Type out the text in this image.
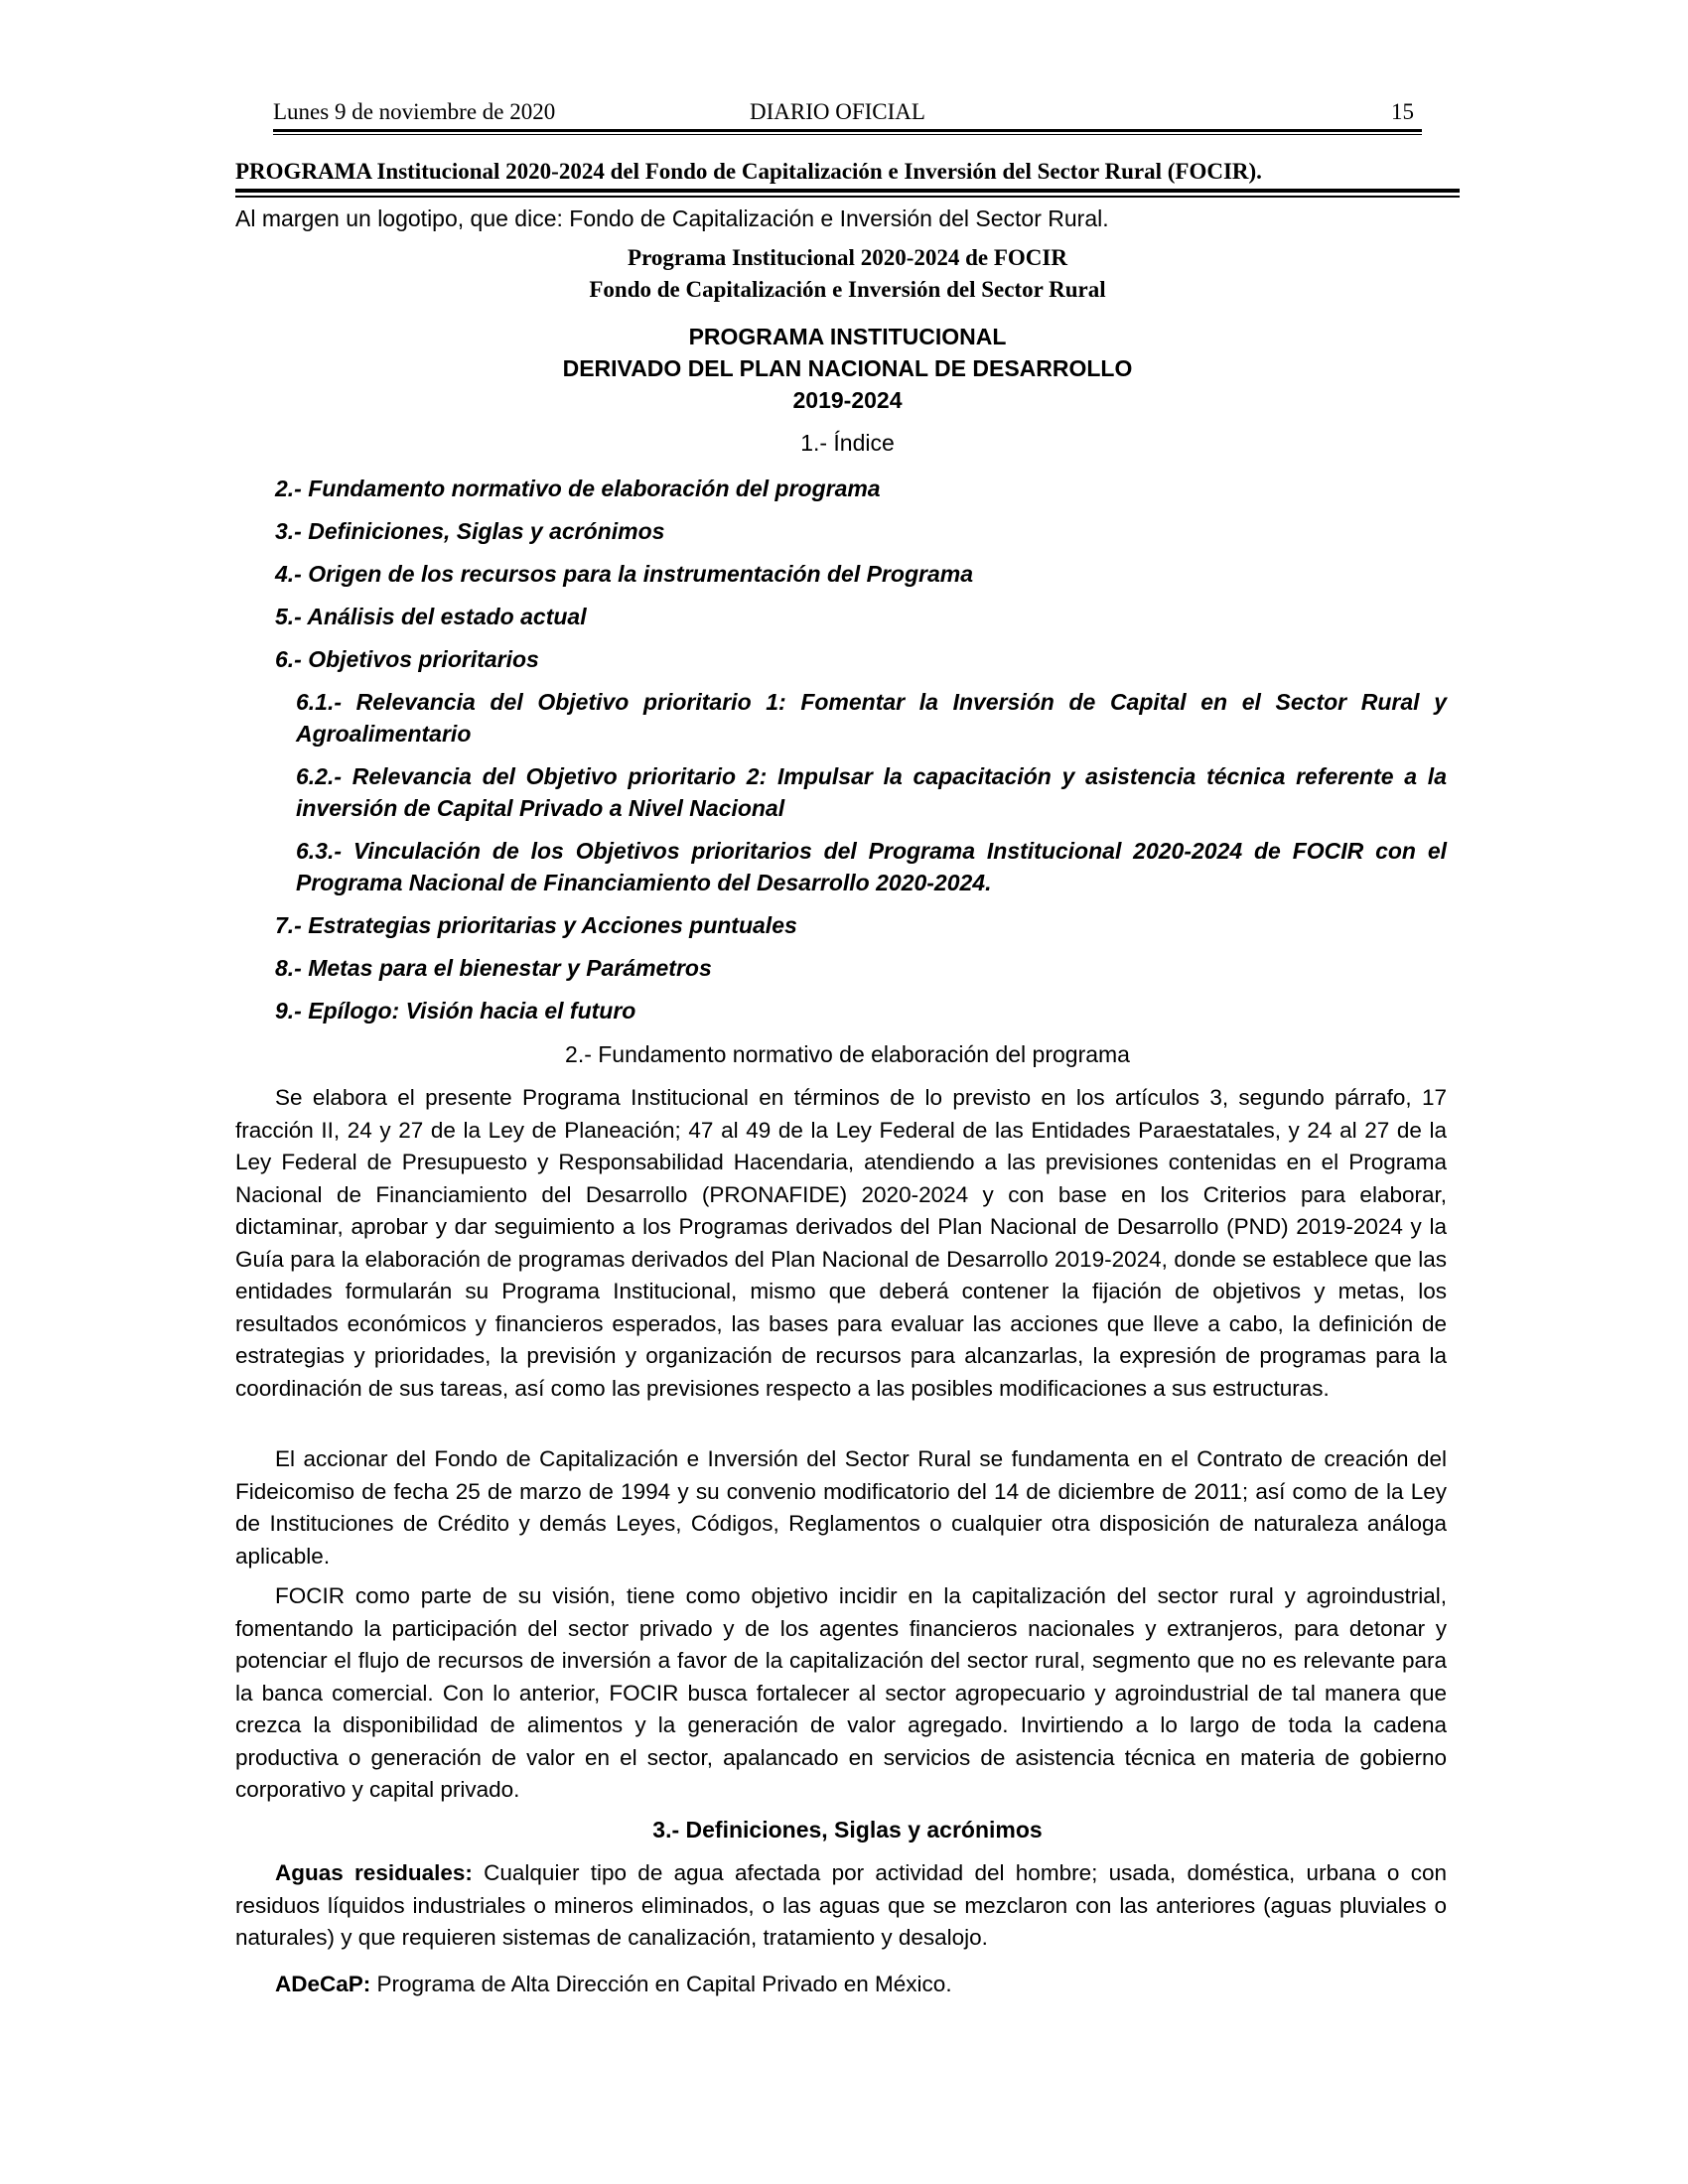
Lunes 9 de noviembre de 2020	DIARIO OFICIAL	15
PROGRAMA Institucional 2020-2024 del Fondo de Capitalización e Inversión del Sector Rural (FOCIR).
Al margen un logotipo, que dice: Fondo de Capitalización e Inversión del Sector Rural.
Programa Institucional 2020-2024 de FOCIR
Fondo de Capitalización e Inversión del Sector Rural
PROGRAMA INSTITUCIONAL
DERIVADO DEL PLAN NACIONAL DE DESARROLLO
2019-2024
1.- Índice
2.- Fundamento normativo de elaboración del programa
3.- Definiciones, Siglas y acrónimos
4.- Origen de los recursos para la instrumentación del Programa
5.- Análisis del estado actual
6.- Objetivos prioritarios
6.1.- Relevancia del Objetivo prioritario 1: Fomentar la Inversión de Capital en el Sector Rural y Agroalimentario
6.2.- Relevancia del Objetivo prioritario 2: Impulsar la capacitación y asistencia técnica referente a la inversión de Capital Privado a Nivel Nacional
6.3.- Vinculación de los Objetivos prioritarios del Programa Institucional 2020-2024 de FOCIR con el Programa Nacional de Financiamiento del Desarrollo 2020-2024.
7.- Estrategias prioritarias y Acciones puntuales
8.- Metas para el bienestar y Parámetros
9.- Epílogo: Visión hacia el futuro
2.- Fundamento normativo de elaboración del programa

Se elabora el presente Programa Institucional en términos de lo previsto en los artículos 3, segundo párrafo, 17 fracción II, 24 y 27 de la Ley de Planeación; 47 al 49 de la Ley Federal de las Entidades Paraestatales, y 24 al 27 de la Ley Federal de Presupuesto y Responsabilidad Hacendaria, atendiendo a las previsiones contenidas en el Programa Nacional de Financiamiento del Desarrollo (PRONAFIDE) 2020-2024 y con base en los Criterios para elaborar, dictaminar, aprobar y dar seguimiento a los Programas derivados del Plan Nacional de Desarrollo (PND) 2019-2024 y la Guía para la elaboración de programas derivados del Plan Nacional de Desarrollo 2019-2024, donde se establece que las entidades formularán su Programa Institucional, mismo que deberá contener la fijación de objetivos y metas, los resultados económicos y financieros esperados, las bases para evaluar las acciones que lleve a cabo, la definición de estrategias y prioridades, la previsión y organización de recursos para alcanzarlas, la expresión de programas para la coordinación de sus tareas, así como las previsiones respecto a las posibles modificaciones a sus estructuras.

El accionar del Fondo de Capitalización e Inversión del Sector Rural se fundamenta en el Contrato de creación del Fideicomiso de fecha 25 de marzo de 1994 y su convenio modificatorio del 14 de diciembre de 2011; así como de la Ley de Instituciones de Crédito y demás Leyes, Códigos, Reglamentos o cualquier otra disposición de naturaleza análoga aplicable.

FOCIR como parte de su visión, tiene como objetivo incidir en la capitalización del sector rural y agroindustrial, fomentando la participación del sector privado y de los agentes financieros nacionales y extranjeros, para detonar y potenciar el flujo de recursos de inversión a favor de la capitalización del sector rural, segmento que no es relevante para la banca comercial. Con lo anterior, FOCIR busca fortalecer al sector agropecuario y agroindustrial de tal manera que crezca la disponibilidad de alimentos y la generación de valor agregado. Invirtiendo a lo largo de toda la cadena productiva o generación de valor en el sector, apalancado en servicios de asistencia técnica en materia de gobierno corporativo y capital privado.

3.- Definiciones, Siglas y acrónimos

Aguas residuales: Cualquier tipo de agua afectada por actividad del hombre; usada, doméstica, urbana o con residuos líquidos industriales o mineros eliminados, o las aguas que se mezclaron con las anteriores (aguas pluviales o naturales) y que requieren sistemas de canalización, tratamiento y desalojo.

ADeCaP: Programa de Alta Dirección en Capital Privado en México.
